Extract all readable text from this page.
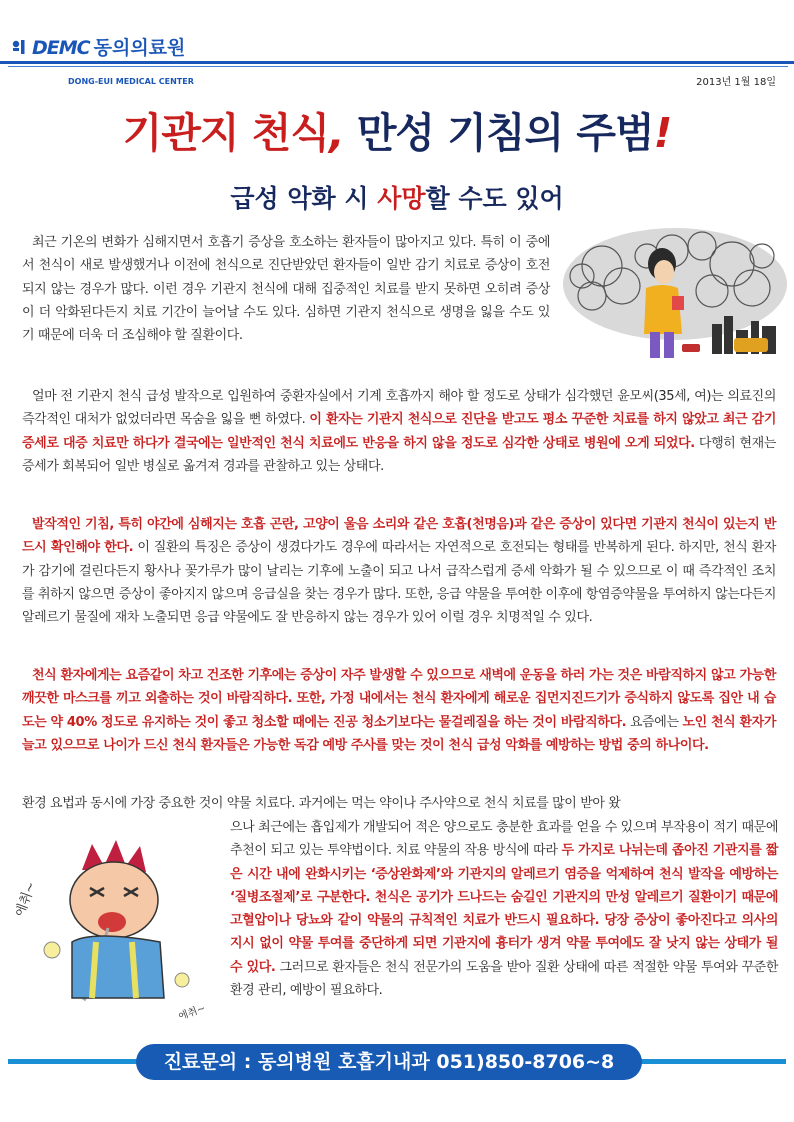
DEMC 동의의료원
DONG-EUI MEDICAL CENTER	2013년 1월 18일
기관지 천식, 만성 기침의 주범!
급성 악화 시 사망할 수도 있어
최근 기온의 변화가 심해지면서 호흡기 증상을 호소하는 환자들이 많아지고 있다. 특히 이 중에서 천식이 새로 발생했거나 이전에 천식으로 진단받았던 환자들이 일반 감기 치료로 증상이 호전되지 않는 경우가 많다. 이런 경우 기관지 천식에 대해 집중적인 치료를 받지 못하면 오히려 증상이 더 악화된다든지 치료 기간이 늘어날 수도 있다. 심하면 기관지 천식으로 생명을 잃을 수도 있기 때문에 더욱 더 조심해야 할 질환이다.
얼마 전 기관지 천식 급성 발작으로 입원하여 중환자실에서 기계 호흡까지 해야 할 정도로 상태가 심각했던 윤모씨(35세, 여)는 의료진의 즉각적인 대처가 없었더라면 목숨을 잃을 뻔 하였다. 이 환자는 기관지 천식으로 진단을 받고도 평소 꾸준한 치료를 하지 않았고 최근 감기 증세로 대증 치료만 하다가 결국에는 일반적인 천식 치료에도 반응을 하지 않을 정도로 심각한 상태로 병원에 오게 되었다. 다행히 현재는 증세가 회복되어 일반 병실로 옮겨져 경과를 관찰하고 있는 상태다.
발작적인 기침, 특히 야간에 심해지는 호흡 곤란, 고양이 울음 소리와 같은 호흡(천명음)과 같은 증상이 있다면 기관지 천식이 있는지 반드시 확인해야 한다. 이 질환의 특징은 증상이 생겼다가도 경우에 따라서는 자연적으로 호전되는 형태를 반복하게 된다. 하지만, 천식 환자가 감기에 걸린다든지 황사나 꽃가루가 많이 날리는 기후에 노출이 되고 나서 급작스럽게 증세 악화가 될 수 있으므로 이 때 즉각적인 조치를 취하지 않으면 증상이 좋아지지 않으며 응급실을 찾는 경우가 많다. 또한, 응급 약물을 투여한 이후에 항염증약물을 투여하지 않는다든지 알레르기 물질에 재차 노출되면 응급 약물에도 잘 반응하지 않는 경우가 있어 이럴 경우 치명적일 수 있다.
천식 환자에게는 요즘같이 차고 건조한 기후에는 증상이 자주 발생할 수 있으므로 새벽에 운동을 하러 가는 것은 바람직하지 않고 가능한 깨끗한 마스크를 끼고 외출하는 것이 바람직하다. 또한, 가정 내에서는 천식 환자에게 해로운 집먼지진드기가 증식하지 않도록 집안 내 습도는 약 40% 정도로 유지하는 것이 좋고 청소할 때에는 진공 청소기보다는 물걸레질을 하는 것이 바람직하다. 요즘에는 노인 천식 환자가 늘고 있으므로 나이가 드신 천식 환자들은 가능한 독감 예방 주사를 맞는 것이 천식 급성 악화를 예방하는 방법 중의 하나이다.
환경 요법과 동시에 가장 중요한 것이 약물 치료다. 과거에는 먹는 약이나 주사약으로 천식 치료를 많이 받아 왔
으나 최근에는 흡입제가 개발되어 적은 양으로도 충분한 효과를 얻을 수 있으며 부작용이 적기 때문에 추천이 되고 있는 투약법이다. 치료 약물의 작용 방식에 따라 두 가지로 나뉘는데 좁아진 기관지를 짧은 시간 내에 완화시키는 ‘증상완화제’와 기관지의 알레르기 염증을 억제하여 천식 발작을 예방하는 ‘질병조절제’로 구분한다. 천식은 공기가 드나드는 숨길인 기관지의 만성 알레르기 질환이기 때문에 고혈압이나 당뇨와 같이 약물의 규칙적인 치료가 반드시 필요하다. 당장 증상이 좋아진다고 의사의 지시 없이 약물 투여를 중단하게 되면 기관지에 흉터가 생겨 약물 투여에도 잘 낫지 않는 상태가 될 수 있다. 그러므로 환자들은 천식 전문가의 도움을 받아 질환 상태에 따른 적절한 약물 투여와 꾸준한 환경 관리, 예방이 필요하다.
에취~
에취~
진료문의 : 동의병원 호흡기내과 051)850-8706~8
